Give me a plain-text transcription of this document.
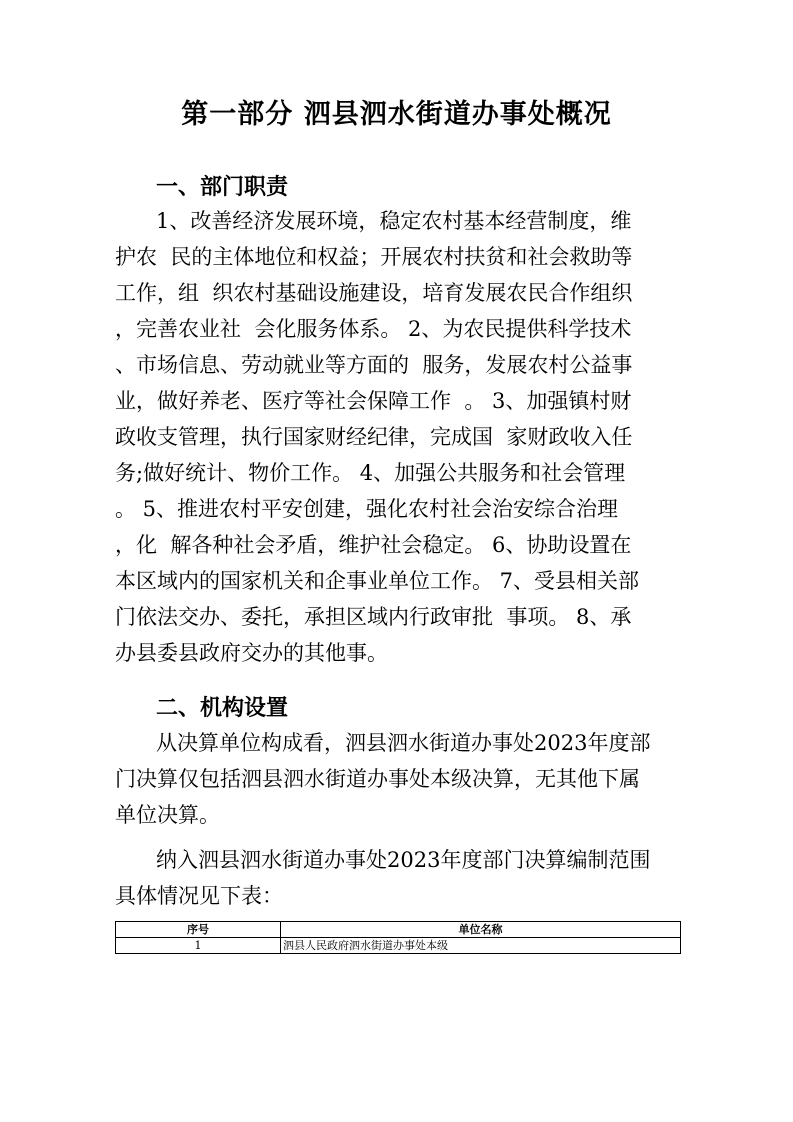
第一部分 泗县泗水街道办事处概况
一、部门职责

1、改善经济发展环境，稳定农村基本经营制度，维

护农  民的主体地位和权益；开展农村扶贫和社会救助等

工作，组  织农村基础设施建设，培育发展农民合作组织

，完善农业社  会化服务体系。 2、为农民提供科学技术

、市场信息、劳动就业等方面的  服务，发展农村公益事

业，做好养老、医疗等社会保障工作  。 3、加强镇村财

政收支管理，执行国家财经纪律，完成国  家财政收入任

务;做好统计、物价工作。 4、加强公共服务和社会管理

。 5、推进农村平安创建，强化农村社会治安综合治理

，化  解各种社会矛盾，维护社会稳定。 6、协助设置在

本区域内的国家机关和企事业单位工作。 7、受县相关部

门依法交办、委托，承担区域内行政审批  事项。 8、承

办县委县政府交办的其他事。

二、机构设置

从决算单位构成看，泗县泗水街道办事处2023年度部

门决算仅包括泗县泗水街道办事处本级决算，无其他下属

单位决算。

纳入泗县泗水街道办事处2023年度部门决算编制范围

具体情况见下表：

序号	单位名称
1	泗县人民政府泗水街道办事处本级
